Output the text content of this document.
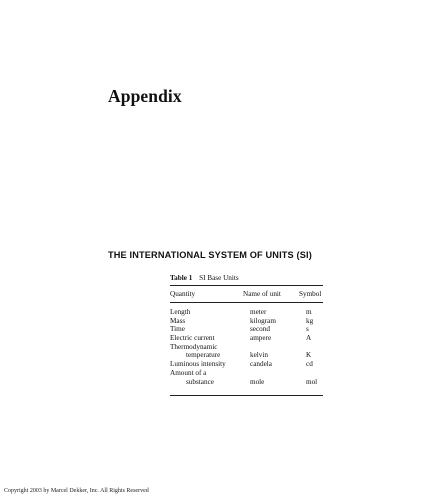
Appendix
THE INTERNATIONAL SYSTEM OF UNITS (SI)
Table 1 SI Base Units
Quantity	Name of unit	Symbol
Length	meter	m
Mass	kilogram	kg
Time	second	s
Electric current	ampere	A
Thermodynamic
temperature	kelvin	K
Luminous intensity	candela	cd
Amount of a
substance	mole	mol
Copyright 2003 by Marcel Dekker, Inc. All Rights Reserved
